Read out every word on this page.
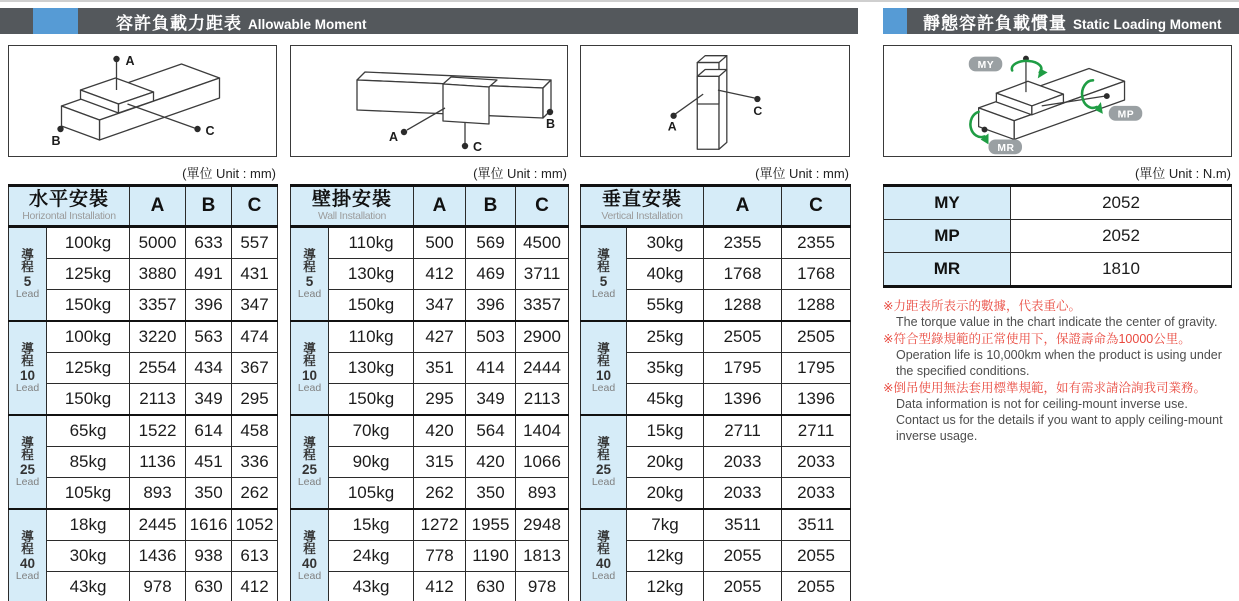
容許負載力距表 Allowable Moment	靜態容許負載慣量 Static Loading Moment
A
C
B
(單位 Unit : mm)
水平安裝
Horizontal Installation		A	B	C

導
程
5
Lead	100kg	5000	633	557
	125kg	3880	491	431
	150kg	3357	396	347

導
程
10
Lead	100kg	3220	563	474
	125kg	2554	434	367
	150kg	2113	349	295

導
程
25
Lead	65kg	1522	614	458
	85kg	1136	451	336
	105kg	893	350	262

導
程
40
Lead	18kg	2445	1616	1052
	30kg	1436	938	613
	43kg	978	630	412
A
B
C
(單位 Unit : mm)
壁掛安裝
Wall Installation		A	B	C

導
程
5
Lead	110kg	500	569	4500
	130kg	412	469	3711
	150kg	347	396	3357

導
程
10
Lead	110kg	427	503	2900
	130kg	351	414	2444
	150kg	295	349	2113

導
程
25
Lead	70kg	420	564	1404
	90kg	315	420	1066
	105kg	262	350	893

導
程
40
Lead	15kg	1272	1955	2948
	24kg	778	1190	1813
	43kg	412	630	978
A
C
(單位 Unit : mm)
垂直安裝
Vertical Installation		A	C

導
程
5
Lead	30kg	2355	2355
	40kg	1768	1768
	55kg	1288	1288

導
程
10
Lead	25kg	2505	2505
	35kg	1795	1795
	45kg	1396	1396

導
程
25
Lead	15kg	2711	2711
	20kg	2033	2033
	20kg	2033	2033

導
程
40
Lead	7kg	3511	3511
	12kg	2055	2055
	12kg	2055	2055
MY
MP
MR
(單位 Unit : N.m)
MY	2052
MP	2052
MR	1810
※力距表所表示的數據，代表重心。
The torque value in the chart indicate the center of gravity.
※符合型錄規範的正常使用下，保證壽命為10000公里。
Operation life is 10,000km when the product is using under the specified conditions.
※倒吊使用無法套用標準規範，如有需求請洽詢我司業務。
Data information is not for ceiling-mount inverse use. Contact us for the details if you want to apply ceiling-mount inverse usage.
